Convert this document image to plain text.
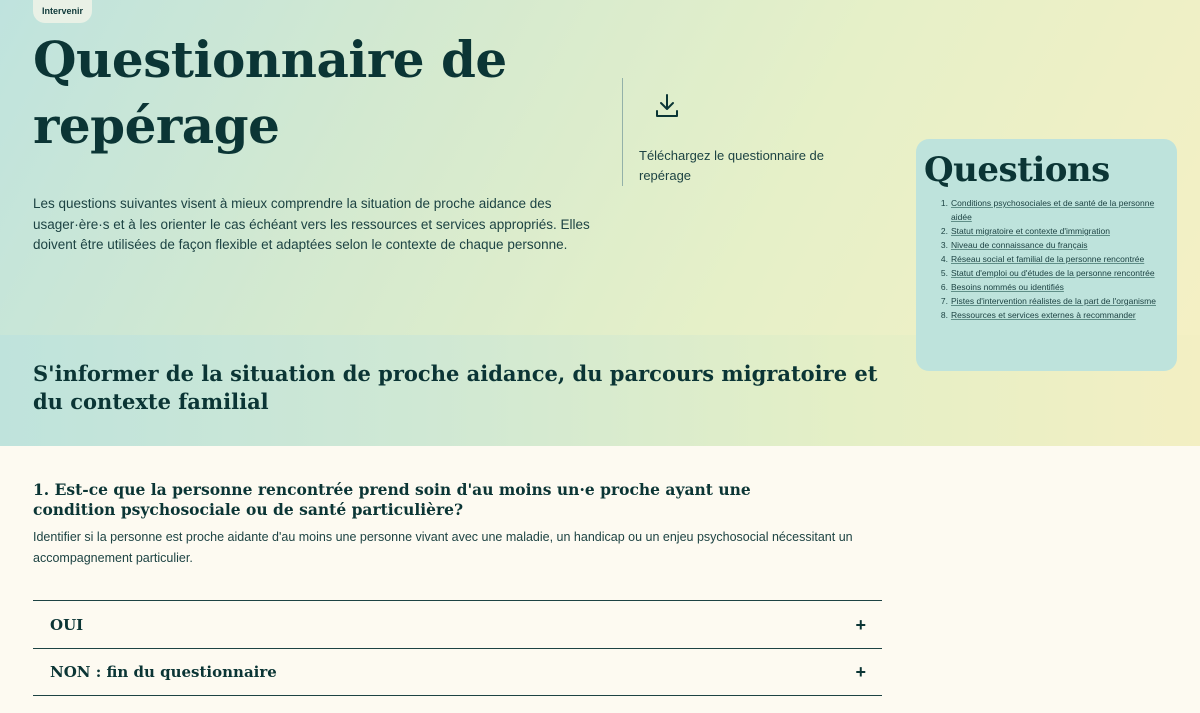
Intervenir
Questionnaire de repérage

Les questions suivantes visent à mieux comprendre la situation de proche aidance des usager·ère·s et à les orienter le cas échéant vers les ressources et services appropriés. Elles doivent être utilisées de façon flexible et adaptées selon le contexte de chaque personne.

Téléchargez le questionnaire de repérage	Questions
1. Conditions psychosociales et de santé de la personne aidée
2. Statut migratoire et contexte d'immigration
3. Niveau de connaissance du français
4. Réseau social et familial de la personne rencontrée
5. Statut d'emploi ou d'études de la personne rencontrée
6. Besoins nommés ou identifiés
7. Pistes d'intervention réalistes de la part de l'organisme
8. Ressources et services externes à recommander
S'informer de la situation de proche aidance, du parcours migratoire et du contexte familial
1. Est-ce que la personne rencontrée prend soin d'au moins un·e proche ayant une condition psychosociale ou de santé particulière?

Identifier si la personne est proche aidante d'au moins une personne vivant avec une maladie, un handicap ou un enjeu psychosocial nécessitant un accompagnement particulier.

OUI	+
NON : fin du questionnaire	+
